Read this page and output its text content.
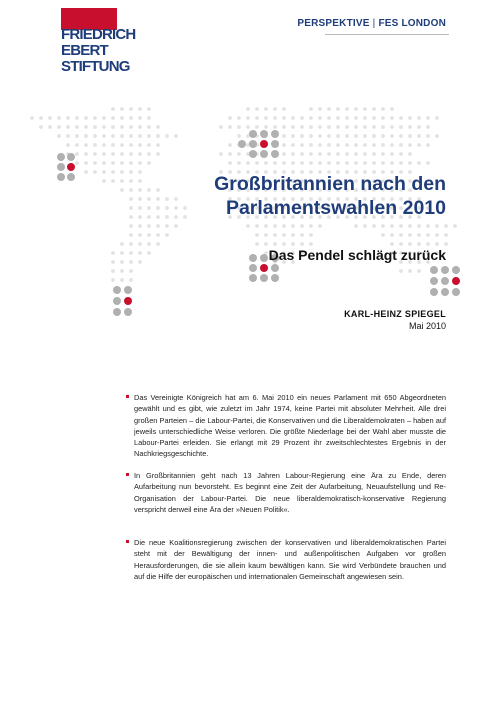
FRIEDRICH
EBERT
STIFTUNG
PERSPEKTIVE | FES LONDON
Großbritannien nach den
Parlamentswahlen 2010
Das Pendel schlägt zurück
KARL-HEINZ SPIEGEL
Mai 2010
Das Vereinigte Königreich hat am 6. Mai 2010 ein neues Parlament mit 650 Abgeordneten gewählt und es gibt, wie zuletzt im Jahr 1974, keine Partei mit absoluter Mehrheit. Alle drei großen Parteien – die Labour-Partei, die Konservativen und die Liberaldemokraten – haben auf jeweils unterschiedliche Weise verloren. Die größte Niederlage bei der Wahl aber musste die Labour-Partei erleiden. Sie erlangt mit 29 Prozent ihr zweitschlechtestes Ergebnis in der Nachkriegsgeschichte.
In Großbritannien geht nach 13 Jahren Labour-Regierung eine Ära zu Ende, deren Aufarbeitung nun bevorsteht. Es beginnt eine Zeit der Aufarbeitung, Neuaufstellung und Re-Organisation der Labour-Partei. Die neue liberaldemokratisch-konservative Regierung verspricht derweil eine Ära der »Neuen Politik«.
Die neue Koalitionsregierung zwischen der konservativen und liberaldemokratischen Partei steht mit der Bewältigung der innen- und außenpolitischen Aufgaben vor großen Herausforderungen, die sie allein kaum bewältigen kann. Sie wird Verbündete brauchen und auf die Hilfe der europäischen und internationalen Gemeinschaft angewiesen sein.
